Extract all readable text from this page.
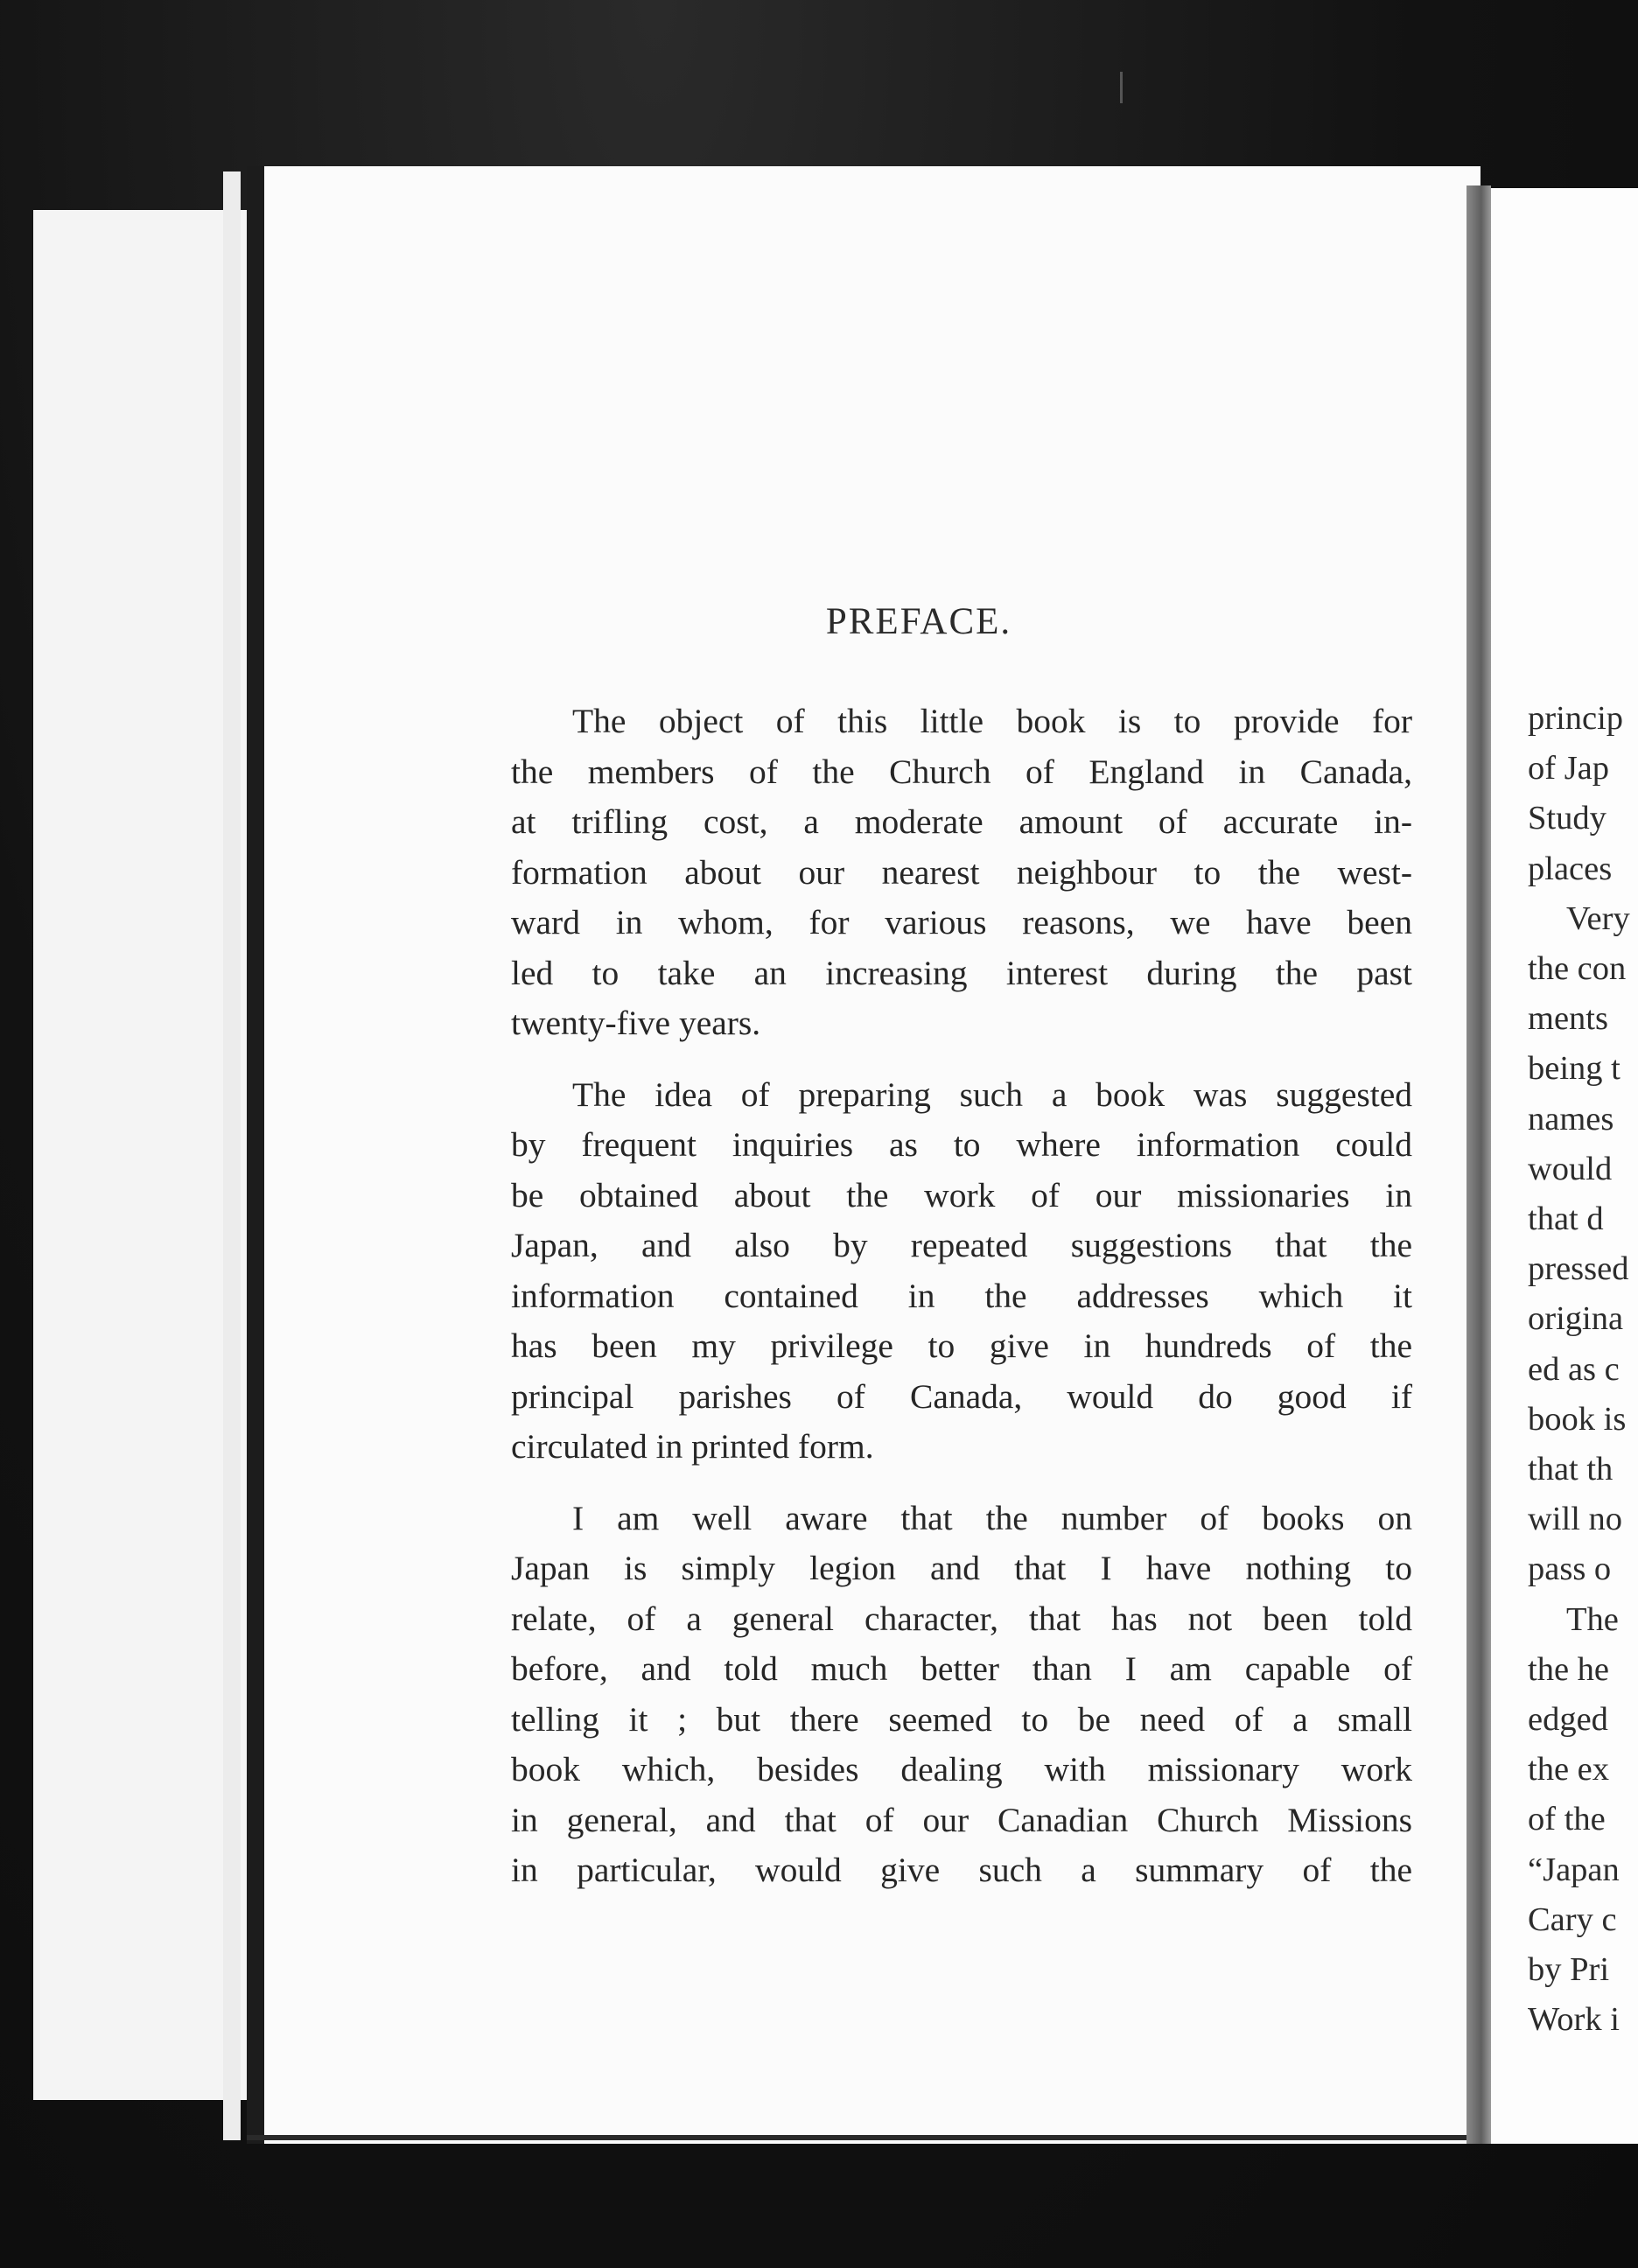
PREFACE.

The object of this little book is to provide for
the members of the Church of England in Canada,
at trifling cost, a moderate amount of accurate in-
formation about our nearest neighbour to the west-
ward in whom, for various reasons, we have been
led to take an increasing interest during the past
twenty-five years.

The idea of preparing such a book was suggested
by frequent inquiries as to where information could
be obtained about the work of our missionaries in
Japan, and also by repeated suggestions that the
information contained in the addresses which it
has been my privilege to give in hundreds of the
principal parishes of Canada, would do good if
circulated in printed form.

I am well aware that the number of books on
Japan is simply legion and that I have nothing to
relate, of a general character, that has not been told
before, and told much better than I am capable of
telling it ; but there seemed to be need of a small
book which, besides dealing with missionary work
in general, and that of our Canadian Church Missions
in particular, would give such a summary of the

princip
of Jap
Study
places
Very
the con
ments
being t
names
would
that d
pressed
origina
ed as c
book is
that th
will no
pass o
The
the he
edged
the ex
of the
“Japan
Cary c
by Pri
Work i
